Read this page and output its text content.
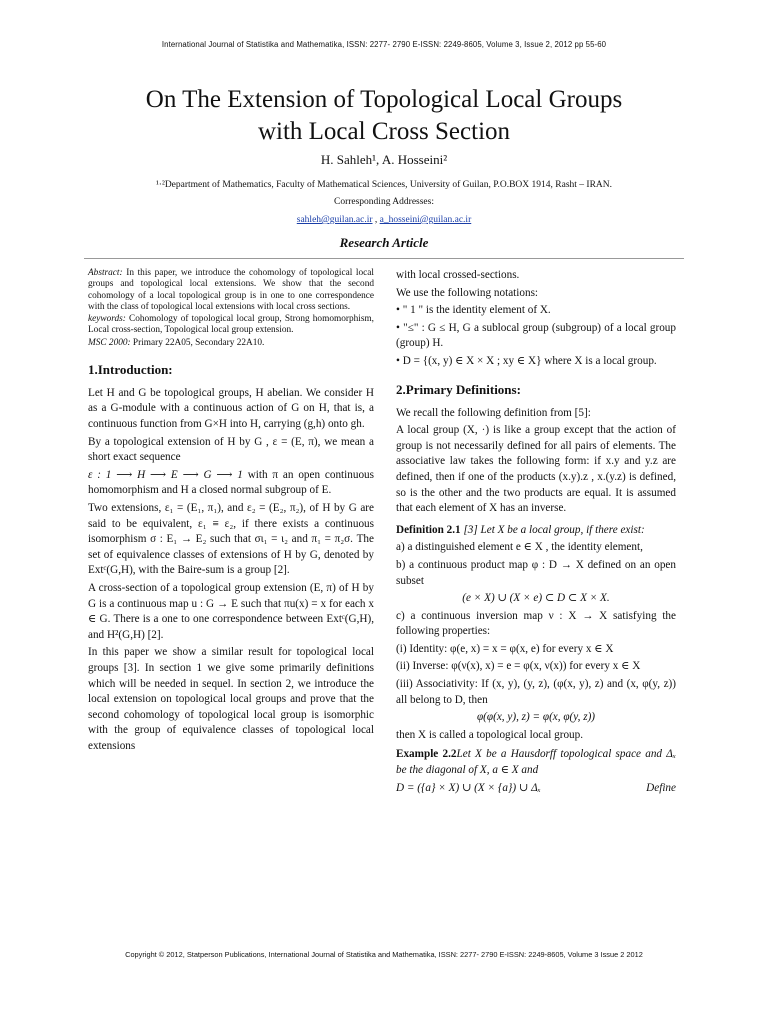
International Journal of Statistika and Mathematika, ISSN: 2277- 2790 E-ISSN: 2249-8605, Volume 3, Issue 2, 2012 pp 55-60
On The Extension of Topological Local Groups
with Local Cross Section
H. Sahleh¹, A. Hosseini²
¹·²Department of Mathematics, Faculty of Mathematical Sciences, University of Guilan, P.O.BOX 1914, Rasht – IRAN.
Corresponding Addresses:
sahleh@guilan.ac.ir , a_hosseini@guilan.ac.ir
Research Article

Abstract: In this paper, we introduce the cohomology of topological local groups and topological local extensions. We show that the second cohomology of a local topological group is in one to one correspondence with the class of topological local extensions with local cross sections.

keywords: Cohomology of topological local group, Strong homomorphism, Local cross-section, Topological local group extension.

MSC 2000: Primary 22A05, Secondary 22A10.
1.Introduction:

Let H and G be topological groups, H abelian. We consider H as a G-module with a continuous action of G on H, that is, a continuous function from G×H into H, carrying (g,h) onto gh.

By a topological extension of H by G , ε = (E, π), we mean a short exact sequence

ε : 1 ⟶ H ⟶ E ⟶ G ⟶ 1 with π an open continuous homomorphism and H a closed normal subgroup of E.

Two extensions, ε₁ = (E₁, π₁), and ε₂ = (E₂, π₂), of H by G are said to be equivalent, ε₁ ≡ ε₂, if there exists a continuous isomorphism σ : E₁ → E₂ such that σι₁ = ι₂ and π₁ = π₂σ. The set of equivalence classes of extensions of H by G, denoted by Extᶜ(G,H), with the Baire-sum is a group [2].

A cross-section of a topological group extension (E, π) of H by G is a continuous map u : G → E such that πu(x) = x for each x ∈ G. There is a one to one correspondence between Extᶜ(G,H), and H²(G,H) [2].

In this paper we show a similar result for topological local groups [3]. In section 1 we give some primarily definitions which will be needed in sequel. In section 2, we introduce the local extension on topological local groups and prove that the second cohomology of topological local group is isomorphic with the group of equivalence classes of topological local extensions

with local crossed-sections.

We use the following notations:

• " 1 " is the identity element of X.

• "≤" : G ≤ H, G a sublocal group (subgroup) of a local group (group) H.

• D = {(x, y) ∈ X × X ; xy ∈ X} where X is a local group.

2.Primary Definitions:

We recall the following definition from [5]:

A local group (X, ·) is like a group except that the action of group is not necessarily defined for all pairs of elements. The associative law takes the following form: if x.y and y.z are defined, then if one of the products (x.y).z , x.(y.z) is defined, so is the other and the two products are equal. It is assumed that each element of X has an inverse.

Definition 2.1 [3] Let X be a local group, if there exist:

a) a distinguished element e ∈ X , the identity element,

b) a continuous product map φ : D → X defined on an open subset

(e × X) ∪ (X × e) ⊂ D ⊂ X × X.

c) a continuous inversion map ν : X → X satisfying the following properties:

(i) Identity: φ(e, x) = x = φ(x, e) for every x ∈ X

(ii) Inverse: φ(ν(x), x) = e = φ(x, ν(x)) for every x ∈ X

(iii) Associativity: If (x, y), (y, z), (φ(x, y), z) and (x, φ(y, z)) all belong to D, then

φ(φ(x, y), z) = φ(x, φ(y, z))

then X is called a topological local group.

Example 2.2Let X be a Hausdorff topological space and Δₓ be the diagonal of X, a ∈ X and

D = ({a} × X) ∪ (X × {a}) ∪ Δₓ	Define

Copyright © 2012, Statperson Publications, International Journal of Statistika and Mathematika, ISSN: 2277- 2790 E-ISSN: 2249-8605, Volume 3 Issue 2 2012
